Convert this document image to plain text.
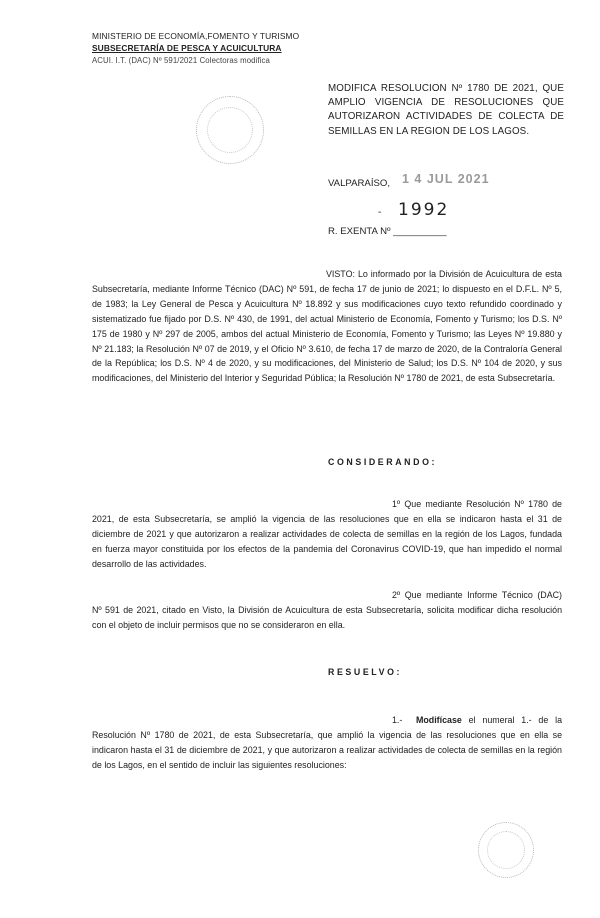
MINISTERIO DE ECONOMÍA,FOMENTO Y TURISMO
SUBSECRETARÍA DE PESCA Y ACUICULTURA
ACUI. I.T. (DAC) Nº 591/2021 Colectoras modifica
MODIFICA RESOLUCION Nº 1780 DE 2021, QUE AMPLIO VIGENCIA DE RESOLUCIONES QUE AUTORIZARON ACTIVIDADES DE COLECTA DE SEMILLAS EN LA REGION DE LOS LAGOS.
VALPARAÍSO, 1 4 JUL 2021
- 1992
R. EXENTA Nº __________
VISTO: Lo informado por la División de Acuicultura de esta Subsecretaría, mediante Informe Técnico (DAC) Nº 591, de fecha 17 de junio de 2021; lo dispuesto en el D.F.L. Nº 5, de 1983; la Ley General de Pesca y Acuicultura Nº 18.892 y sus modificaciones cuyo texto refundido coordinado y sistematizado fue fijado por D.S. Nº 430, de 1991, del actual Ministerio de Economía, Fomento y Turismo; los D.S. Nº 175 de 1980 y Nº 297 de 2005, ambos del actual Ministerio de Economía, Fomento y Turismo; las Leyes Nº 19.880 y Nº 21.183; la Resolución Nº 07 de 2019, y el Oficio Nº 3.610, de fecha 17 de marzo de 2020, de la Contraloría General de la República; los D.S. Nº 4 de 2020, y su modificaciones, del Ministerio de Salud; los D.S. Nº 104 de 2020, y sus modificaciones, del Ministerio del Interior y Seguridad Pública; la Resolución Nº 1780 de 2021, de esta Subsecretaría.
CONSIDERANDO:
1º Que mediante Resolución Nº 1780 de 2021, de esta Subsecretaría, se amplió la vigencia de las resoluciones que en ella se indicaron hasta el 31 de diciembre de 2021 y que autorizaron a realizar actividades de colecta de semillas en la región de los Lagos, fundada en fuerza mayor constituida por los efectos de la pandemia del Coronavirus COVID-19, que han impedido el normal desarrollo de las actividades.
2º Que mediante Informe Técnico (DAC) Nº 591 de 2021, citado en Visto, la División de Acuicultura de esta Subsecretaría, solicita modificar dicha resolución con el objeto de incluir permisos que no se consideraron en ella.
RESUELVO:
1.- Modifícase el numeral 1.- de la Resolución Nº 1780 de 2021, de esta Subsecretaría, que amplió la vigencia de las resoluciones que en ella se indicaron hasta el 31 de diciembre de 2021, y que autorizaron a realizar actividades de colecta de semillas en la región de los Lagos, en el sentido de incluir las siguientes resoluciones:
